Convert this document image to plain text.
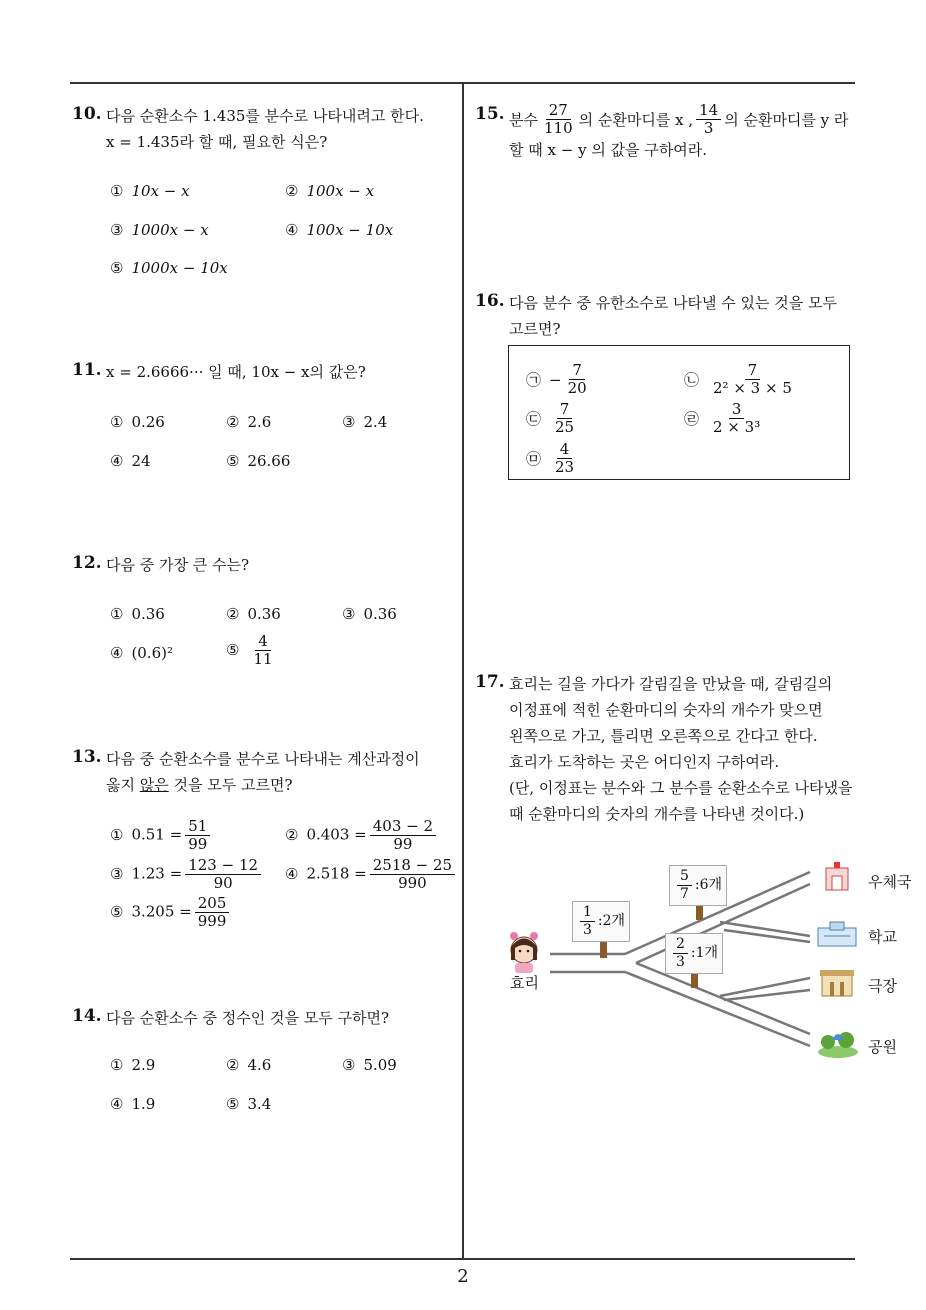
10. 다음 순환소수 1.435를 분수로 나타내려고 한다.
x = 1.435라 할 때, 필요한 식은?
① 10x − x	② 100x − x
③ 1000x − x	④ 100x − 10x
⑤ 1000x − 10x
11. x = 2.6666··· 일 때, 10x − x의 값은?
① 0.26	② 2.6	③ 2.4
④ 24	⑤ 26.66
12. 다음 중 가장 큰 수는?
① 0.36	② 0.36	③ 0.36
④ (0.6)²	⑤ $\frac{4}{11}$
13. 다음 중 순환소수를 분수로 나타내는 계산과정이
옳지 않은 것을 모두 고르면?
① $0.51 = \frac{51}{99}$	② $0.403 = \frac{403 - 2}{99}$
③ $1.23 = \frac{123 - 12}{90}$ ④ $2.518 = \frac{2518 - 25}{990}$
⑤ $3.205 = \frac{205}{999}$
14. 다음 순환소수 중 정수인 것을 모두 구하면?
① 2.9	② 4.6	③ 5.09
④ 1.9	⑤ 3.4
15. 분수 $\frac{27}{110}$ 의 순환마디를 x , $\frac{14}{3}$ 의 순환마디를 y 라
할 때 x − y 의 값을 구하여라.
16. 다음 분수 중 유한소수로 나타낼 수 있는 것을 모두
고르면?
㉠ − $\frac{7}{20}$	㉡ $\frac{7}{\text{2² × 3 × 5}}$
㉢ $\frac{7}{25}$	㉣ $\frac{3}{\text{2 × 3³}}$
㉤ $\frac{4}{23}$
17. 효리는 길을 가다가 갈림길을 만났을 때, 갈림길의
이정표에 적힌 순환마디의 숫자의 개수가 맞으면
왼쪽으로 가고, 틀리면 오른쪽으로 간다고 한다.
효리가 도착하는 곳은 어디인지 구하여라.
(단, 이정표는 분수와 그 분수를 순환소수로 나타냈을
때 순환마디의 숫자의 개수를 나타낸 것이다.)
$\frac{1}{3}$ :2개
$\frac{5}{7}$ :6개
$\frac{2}{3}$ :1개
효리
우체국
학교
극장
공원
2
